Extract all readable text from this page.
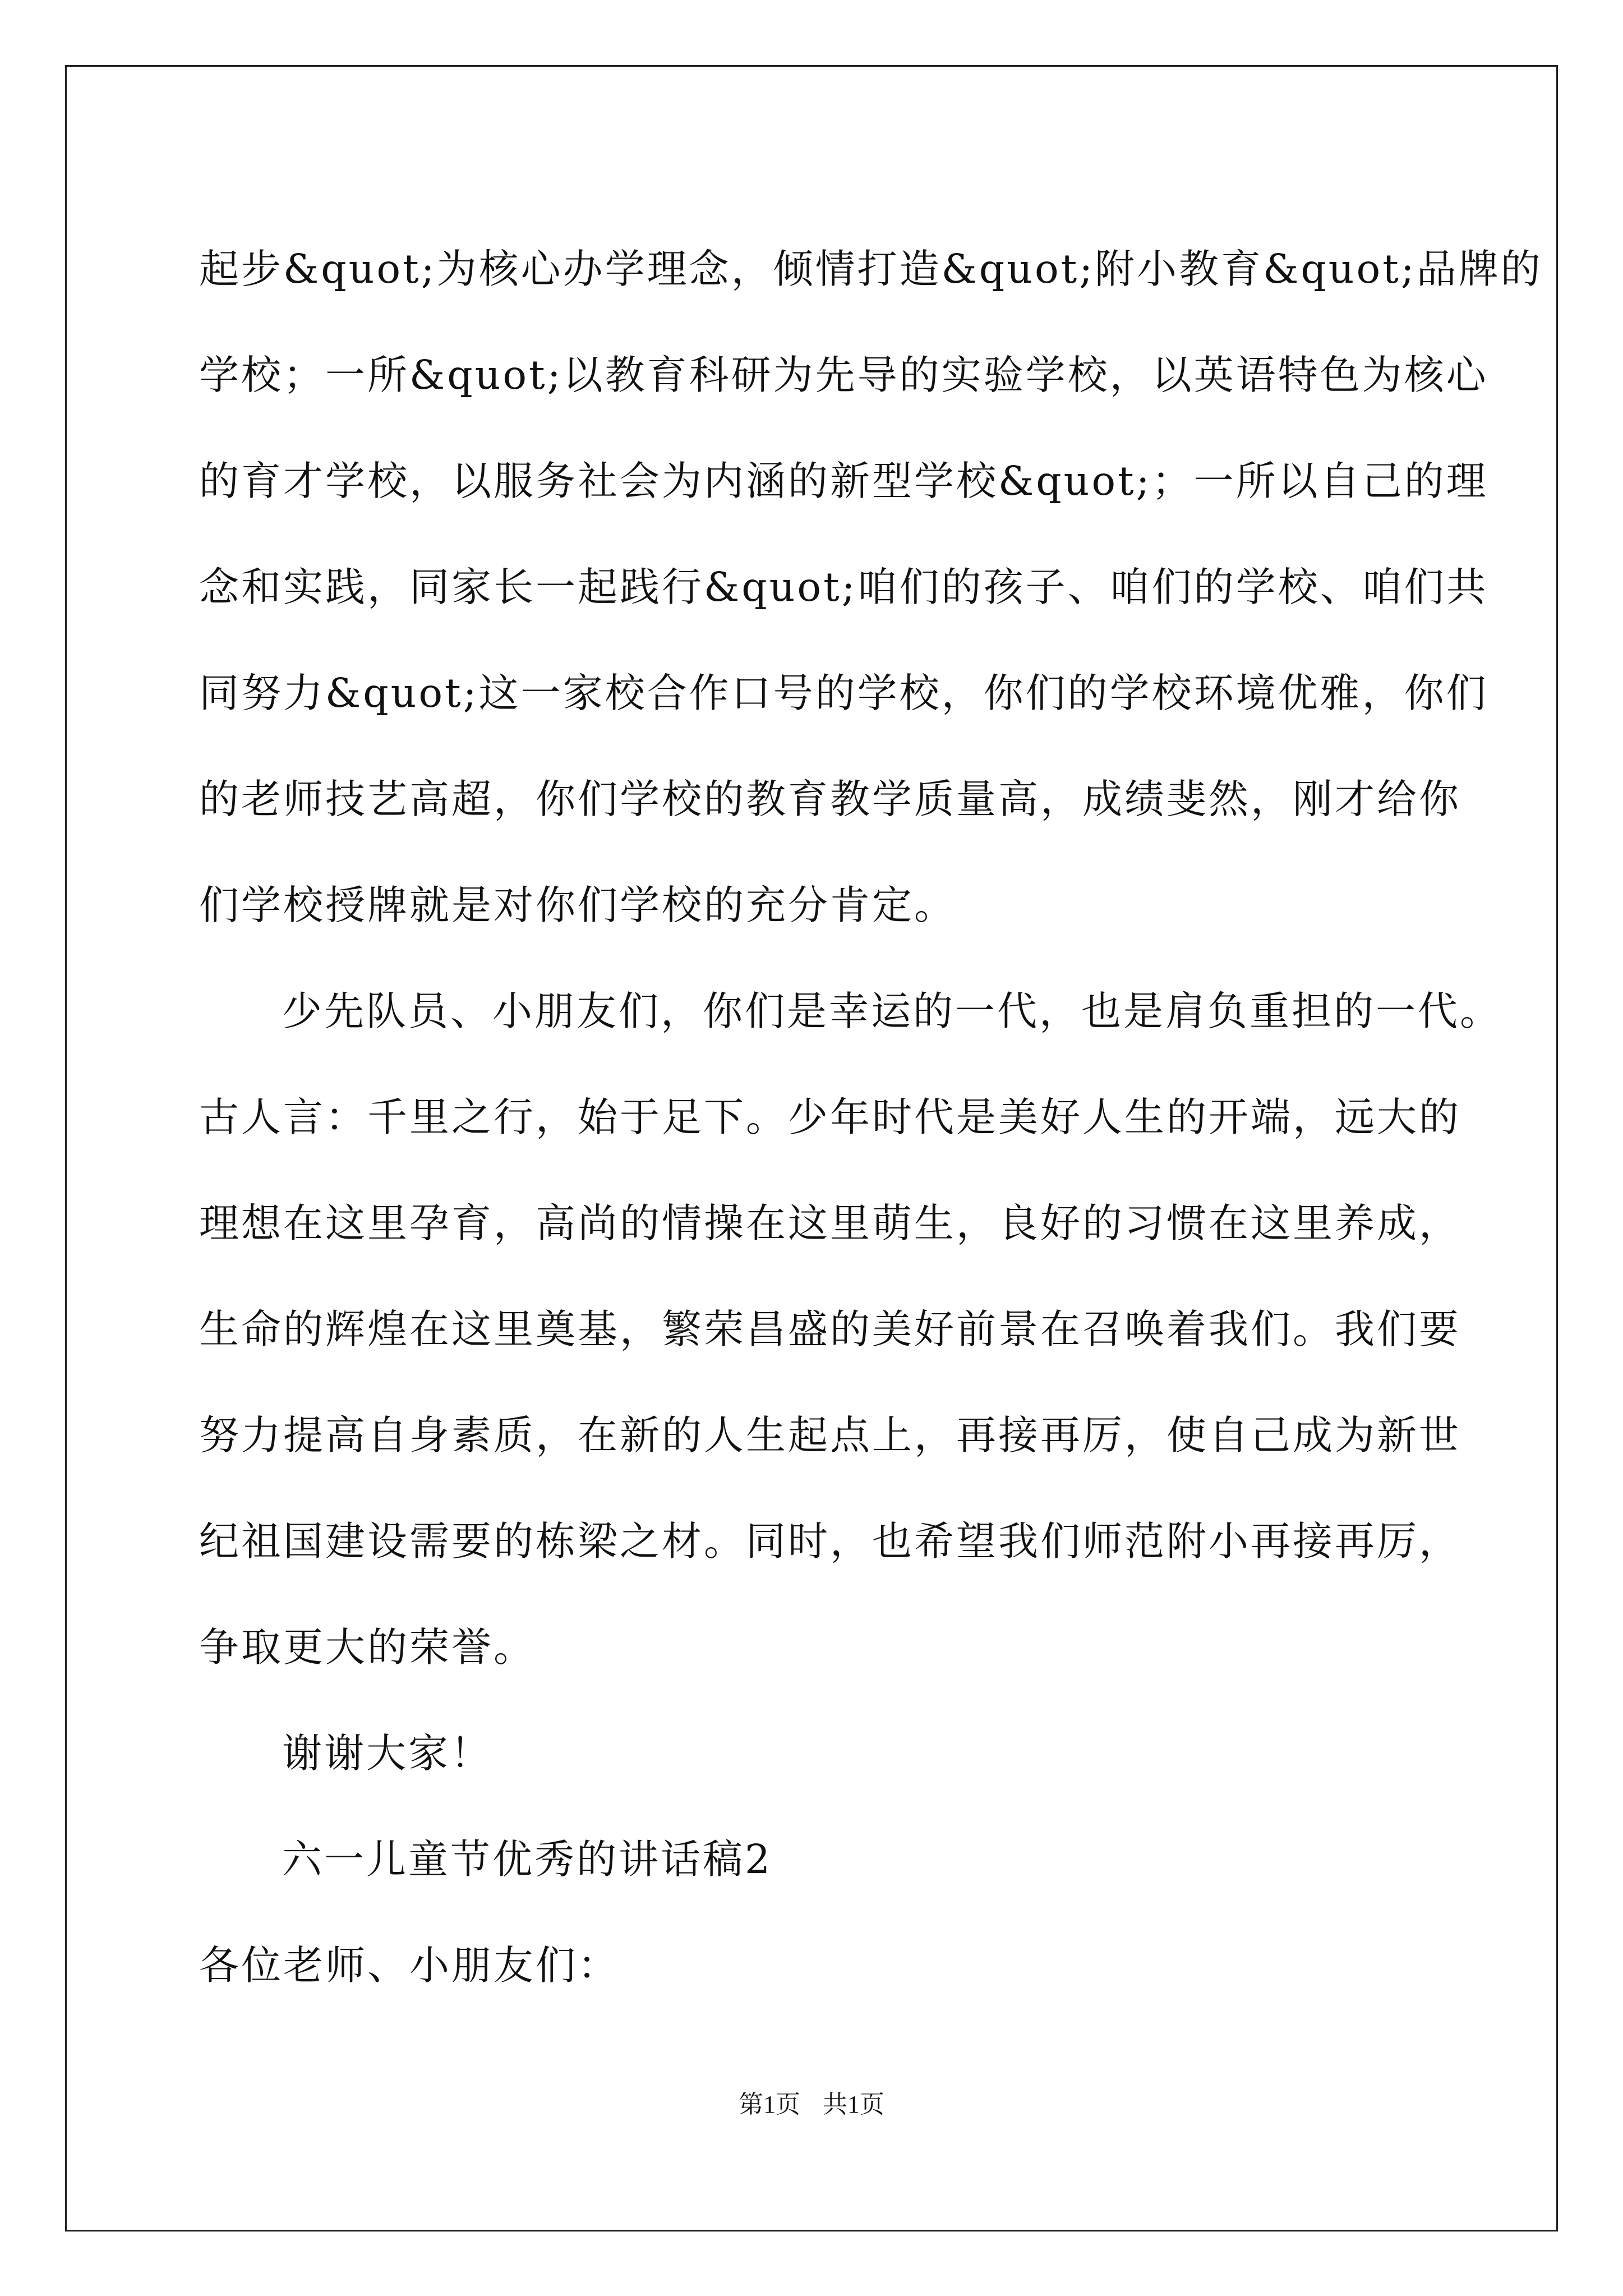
起步&quot;为核心办学理念，倾情打造&quot;附小教育&quot;品牌的
学校；一所&quot;以教育科研为先导的实验学校，以英语特色为核心
的育才学校，以服务社会为内涵的新型学校&quot;；一所以自己的理
念和实践，同家长一起践行&quot;咱们的孩子、咱们的学校、咱们共
同努力&quot;这一家校合作口号的学校，你们的学校环境优雅，你们
的老师技艺高超，你们学校的教育教学质量高，成绩斐然，刚才给你
们学校授牌就是对你们学校的充分肯定。
少先队员、小朋友们，你们是幸运的一代，也是肩负重担的一代。
古人言：千里之行，始于足下。少年时代是美好人生的开端，远大的
理想在这里孕育，高尚的情操在这里萌生，良好的习惯在这里养成，
生命的辉煌在这里奠基，繁荣昌盛的美好前景在召唤着我们。我们要
努力提高自身素质，在新的人生起点上，再接再厉，使自己成为新世
纪祖国建设需要的栋梁之材。同时，也希望我们师范附小再接再厉，
争取更大的荣誉。
谢谢大家！
六一儿童节优秀的讲话稿2
各位老师、小朋友们：
第1页 共1页
